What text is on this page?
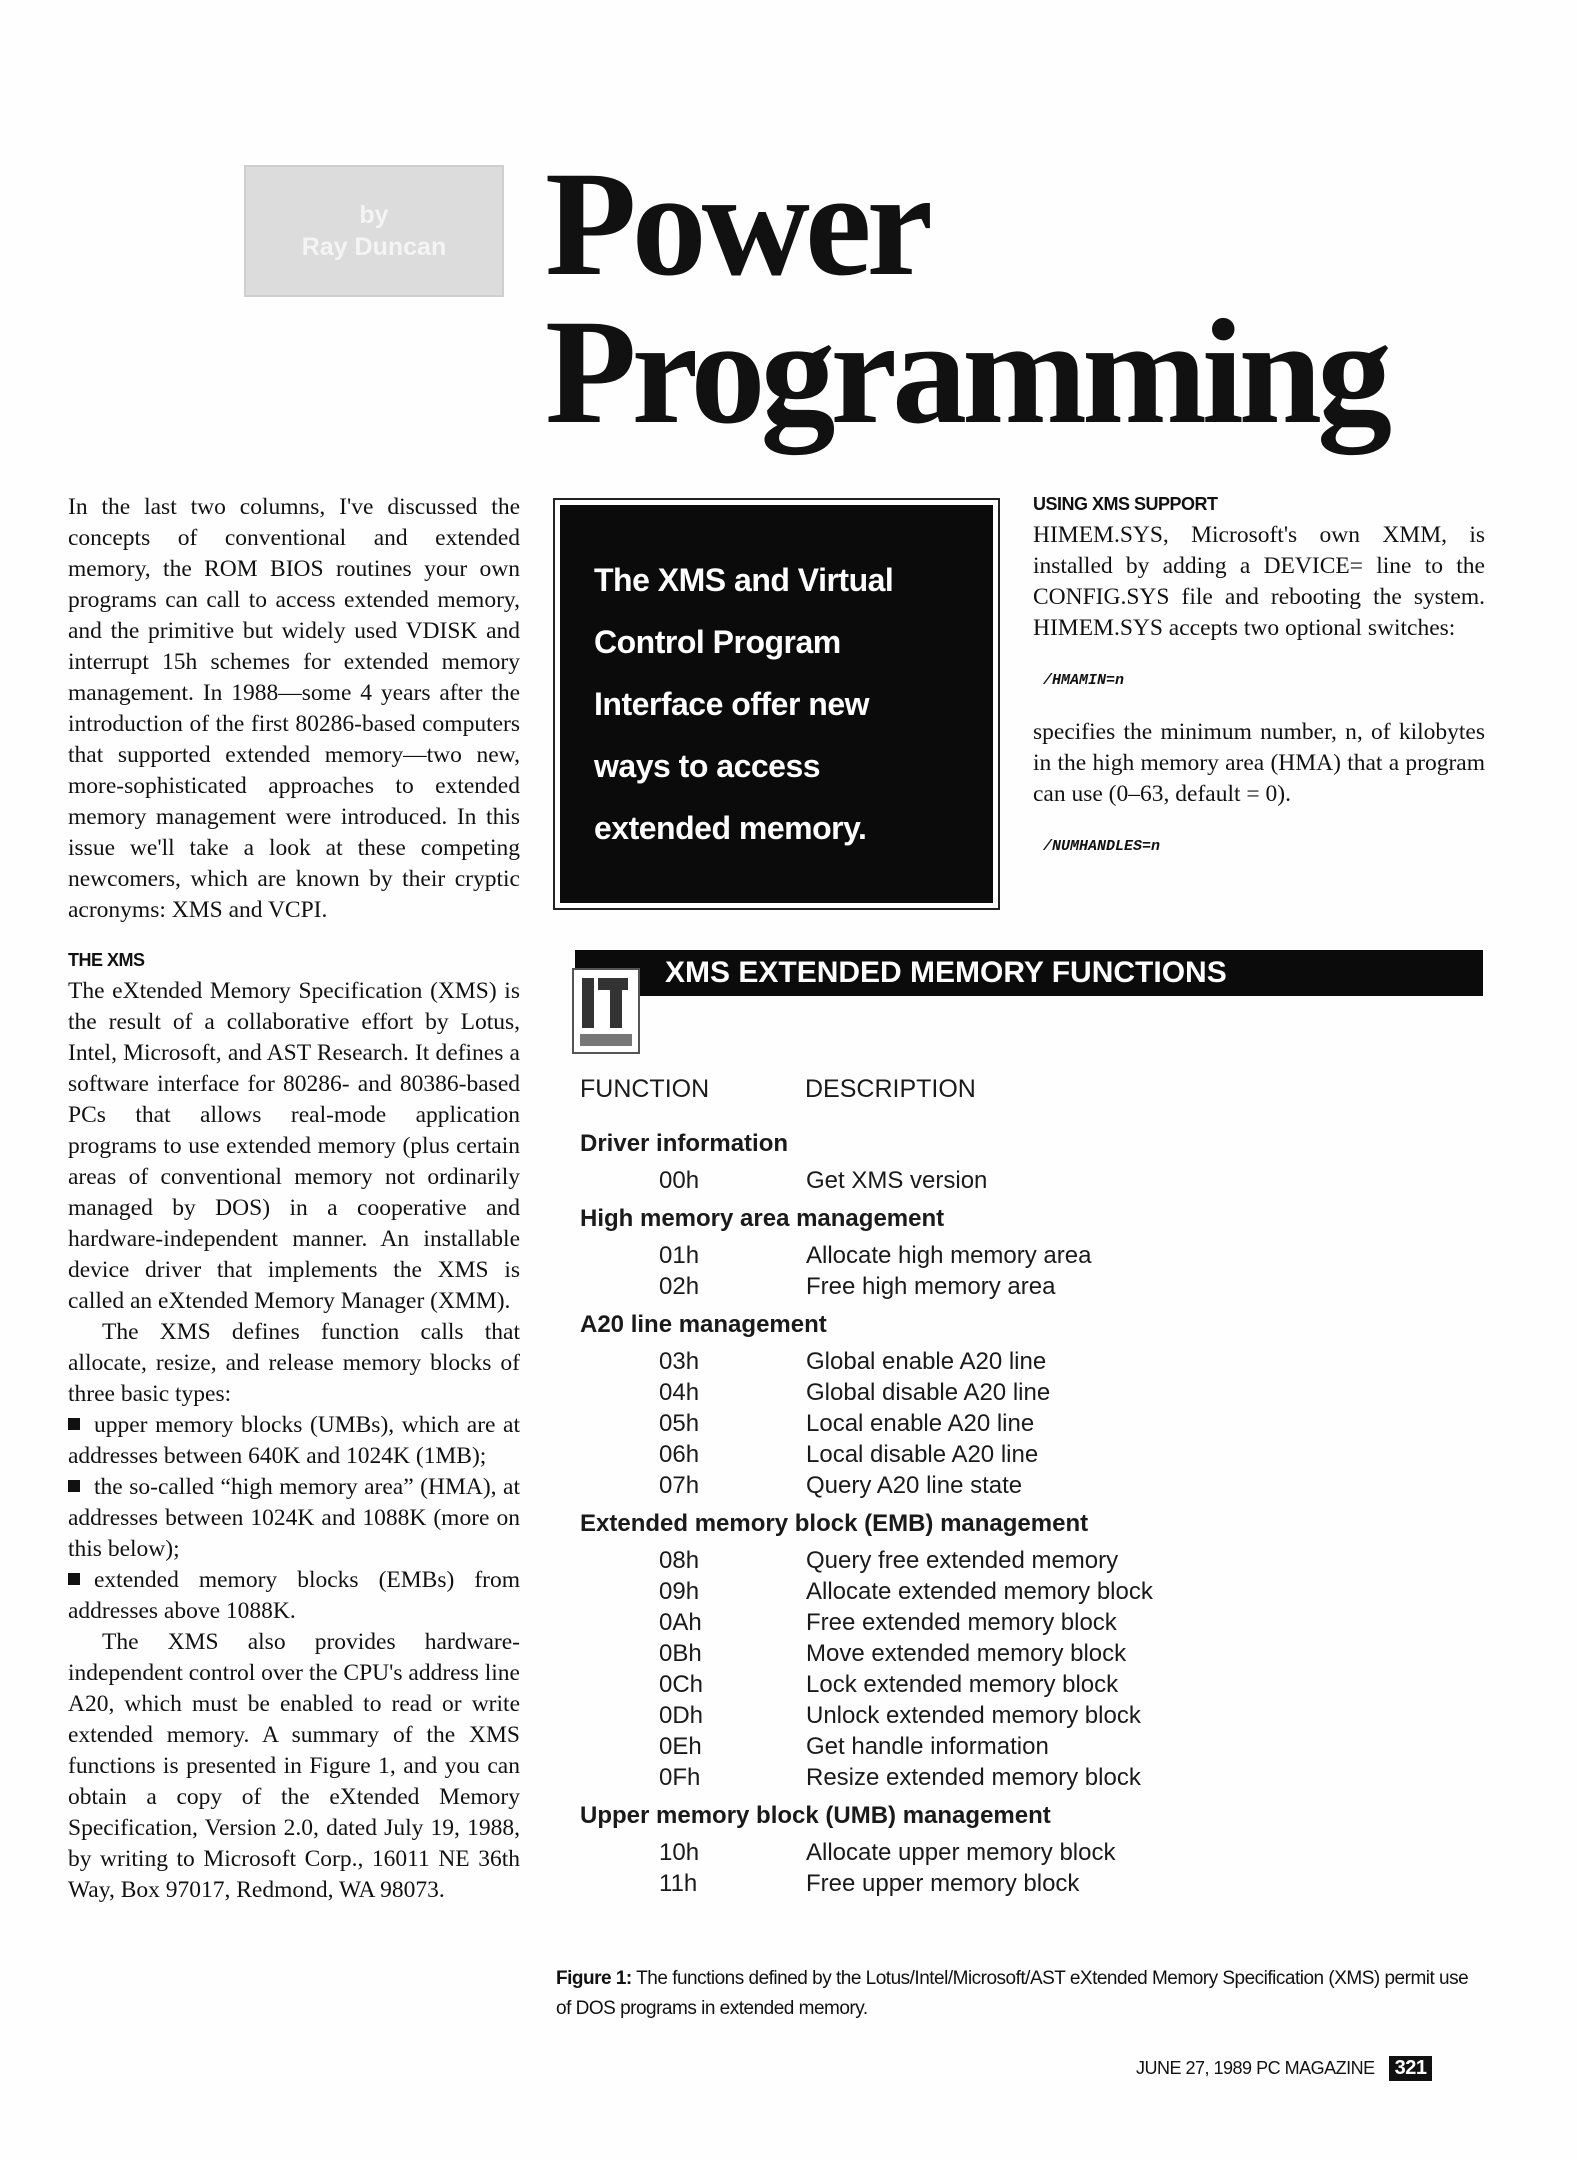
by
Ray Duncan Power
Programming

In the last two columns, I've discussed the concepts of conventional and extended memory, the ROM BIOS routines your own programs can call to access extended memory, and the primitive but widely used VDISK and interrupt 15h schemes for extended memory management. In 1988—some 4 years after the introduction of the first 80286-based computers that supported extended memory—two new, more-sophisticated approaches to extended memory management were introduced. In this issue we'll take a look at these competing newcomers, which are known by their cryptic acronyms: XMS and VCPI.

THE XMS

The eXtended Memory Specification (XMS) is the result of a collaborative effort by Lotus, Intel, Microsoft, and AST Research. It defines a software interface for 80286- and 80386-based PCs that allows real-mode application programs to use extended memory (plus certain areas of conventional memory not ordinarily managed by DOS) in a cooperative and hardware-independent manner. An installable device driver that implements the XMS is called an eXtended Memory Manager (XMM).

The XMS defines function calls that allocate, resize, and release memory blocks of three basic types:

upper memory blocks (UMBs), which are at addresses between 640K and 1024K (1MB);

the so-called “high memory area” (HMA), at addresses between 1024K and 1088K (more on this below);

extended memory blocks (EMBs) from addresses above 1088K.

The XMS also provides hardware-independent control over the CPU's address line A20, which must be enabled to read or write extended memory. A summary of the XMS functions is presented in Figure 1, and you can obtain a copy of the eXtended Memory Specification, Version 2.0, dated July 19, 1988, by writing to Microsoft Corp., 16011 NE 36th Way, Box 97017, Redmond, WA 98073.

The XMS and Virtual
Control Program
Interface offer new
ways to access
extended memory.
USING XMS SUPPORT

HIMEM.SYS, Microsoft's own XMM, is installed by adding a DEVICE= line to the CONFIG.SYS file and rebooting the system. HIMEM.SYS accepts two optional switches:

/HMAMIN=n

specifies the minimum number, n, of kilobytes in the high memory area (HMA) that a program can use (0–63, default = 0).

/NUMHANDLES=n
XMS EXTENDED MEMORY FUNCTIONS
FUNCTION	DESCRIPTION
Driver information
00h	Get XMS version
High memory area management
01h	Allocate high memory area
02h	Free high memory area
A20 line management
03h	Global enable A20 line
04h	Global disable A20 line
05h	Local enable A20 line
06h	Local disable A20 line
07h	Query A20 line state
Extended memory block (EMB) management
08h	Query free extended memory
09h	Allocate extended memory block
0Ah	Free extended memory block
0Bh	Move extended memory block
0Ch	Lock extended memory block
0Dh	Unlock extended memory block
0Eh	Get handle information
0Fh	Resize extended memory block
Upper memory block (UMB) management
10h	Allocate upper memory block
11h	Free upper memory block
Figure 1: The functions defined by the Lotus/Intel/Microsoft/AST eXtended Memory Specification (XMS) permit use of DOS programs in extended memory.
JUNE 27, 1989 PC MAGAZINE 321
